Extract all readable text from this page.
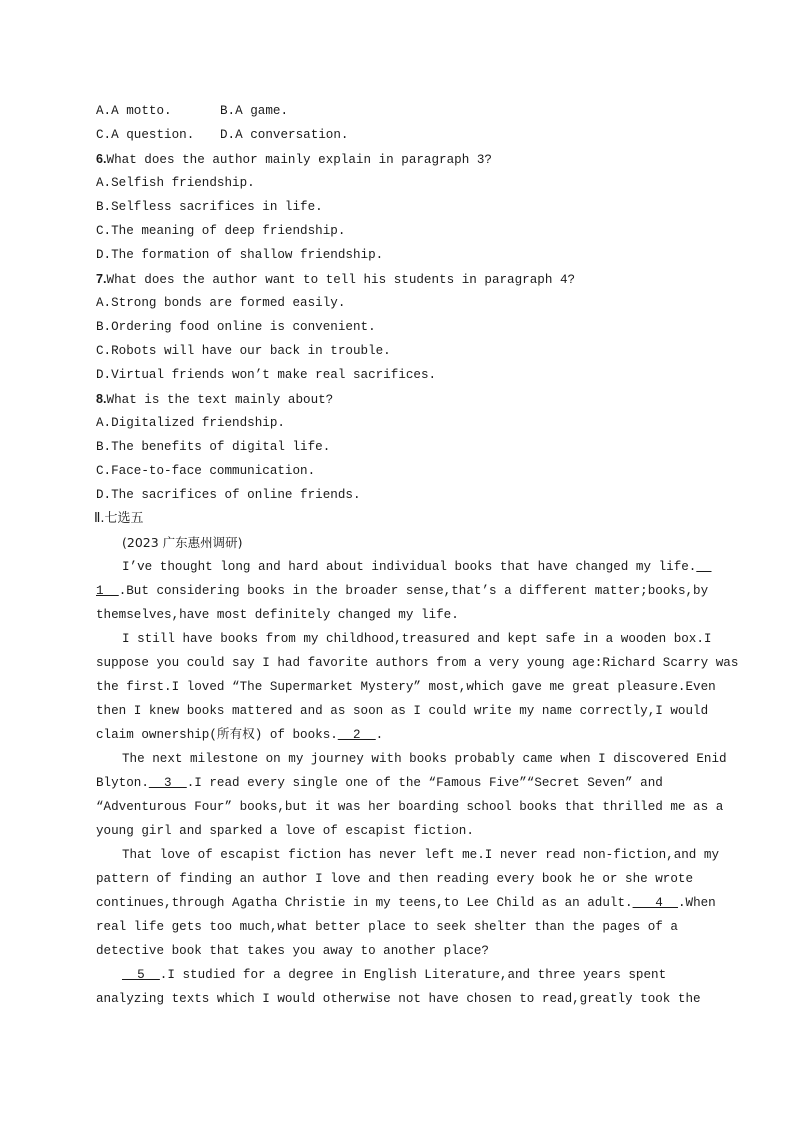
A.A motto.	B.A game.
C.A question.	D.A conversation.
6.What does the author mainly explain in paragraph 3?
A.Selfish friendship.
B.Selfless sacrifices in life.
C.The meaning of deep friendship.
D.The formation of shallow friendship.
7.What does the author want to tell his students in paragraph 4?
A.Strong bonds are formed easily.
B.Ordering food online is convenient.
C.Robots will have our back in trouble.
D.Virtual friends won’t make real sacrifices.
8.What is the text mainly about?
A.Digitalized friendship.
B.The benefits of digital life.
C.Face-to-face communication.
D.The sacrifices of online friends.
Ⅱ.七选五
(2023 广东惠州调研)
I’ve thought long and hard about individual books that have changed my life.__
1__.But considering books in the broader sense,that’s a different matter;books,by
themselves,have most definitely changed my life.
I still have books from my childhood,treasured and kept safe in a wooden box.I
suppose you could say I had favorite authors from a very young age:Richard Scarry was
the first.I loved “The Supermarket Mystery” most,which gave me great pleasure.Even
then I knew books mattered and as soon as I could write my name correctly,I would
claim ownership(所有权) of books.__2__.
The next milestone on my journey with books probably came when I discovered Enid
Blyton.__3__.I read every single one of the “Famous Five”“Secret Seven” and
“Adventurous Four” books,but it was her boarding school books that thrilled me as a
young girl and sparked a love of escapist fiction.
That love of escapist fiction has never left me.I never read non-fiction,and my
pattern of finding an author I love and then reading every book he or she wrote
continues,through Agatha Christie in my teens,to Lee Child as an adult.___4__.When
real life gets too much,what better place to seek shelter than the pages of a
detective book that takes you away to another place?
__5__.I studied for a degree in English Literature,and three years spent
analyzing texts which I would otherwise not have chosen to read,greatly took the
